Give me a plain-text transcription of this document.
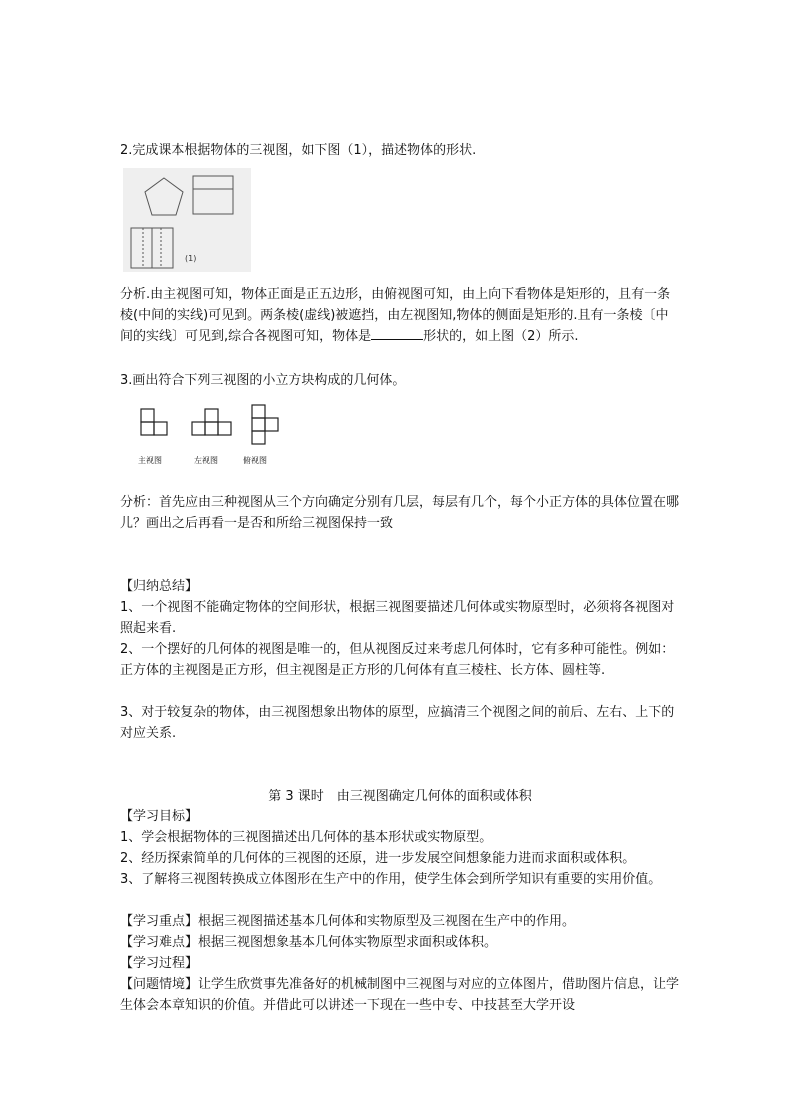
2.完成课本根据物体的三视图，如下图（1），描述物体的形状.

(1)

分析.由主视图可知，物体正面是正五边形，由俯视图可知，由上向下看物体是矩形的，且有一条棱(中间的实线)可见到。两条棱(虚线)被遮挡，由左视图知,物体的侧面是矩形的.且有一条棱〔中间的实线〕可见到,综合各视图可知，物体是	形状的，如上图（2）所示.

3.画出符合下列三视图的小立方块构成的几何体。

主视图	左视图	俯视图

分析：首先应由三种视图从三个方向确定分别有几层，每层有几个，每个小正方体的具体位置在哪儿？画出之后再看一是否和所给三视图保持一致

【归纳总结】

1、一个视图不能确定物体的空间形状，根据三视图要描述几何体或实物原型时，必须将各视图对照起来看.

2、一个摆好的几何体的视图是唯一的，但从视图反过来考虑几何体时，它有多种可能性。例如：正方体的主视图是正方形，但主视图是正方形的几何体有直三棱柱、长方体、圆柱等.

3、对于较复杂的物体，由三视图想象出物体的原型，应搞清三个视图之间的前后、左右、上下的对应关系.

第 3 课时　由三视图确定几何体的面积或体积

【学习目标】

1、学会根据物体的三视图描述出几何体的基本形状或实物原型。

2、经历探索简单的几何体的三视图的还原，进一步发展空间想象能力进而求面积或体积。

3、了解将三视图转换成立体图形在生产中的作用，使学生体会到所学知识有重要的实用价值。

【学习重点】根据三视图描述基本几何体和实物原型及三视图在生产中的作用。

【学习难点】根据三视图想象基本几何体实物原型求面积或体积。

【学习过程】

【问题情境】让学生欣赏事先准备好的机械制图中三视图与对应的立体图片，借助图片信息，让学生体会本章知识的价值。并借此可以讲述一下现在一些中专、中技甚至大学开设
